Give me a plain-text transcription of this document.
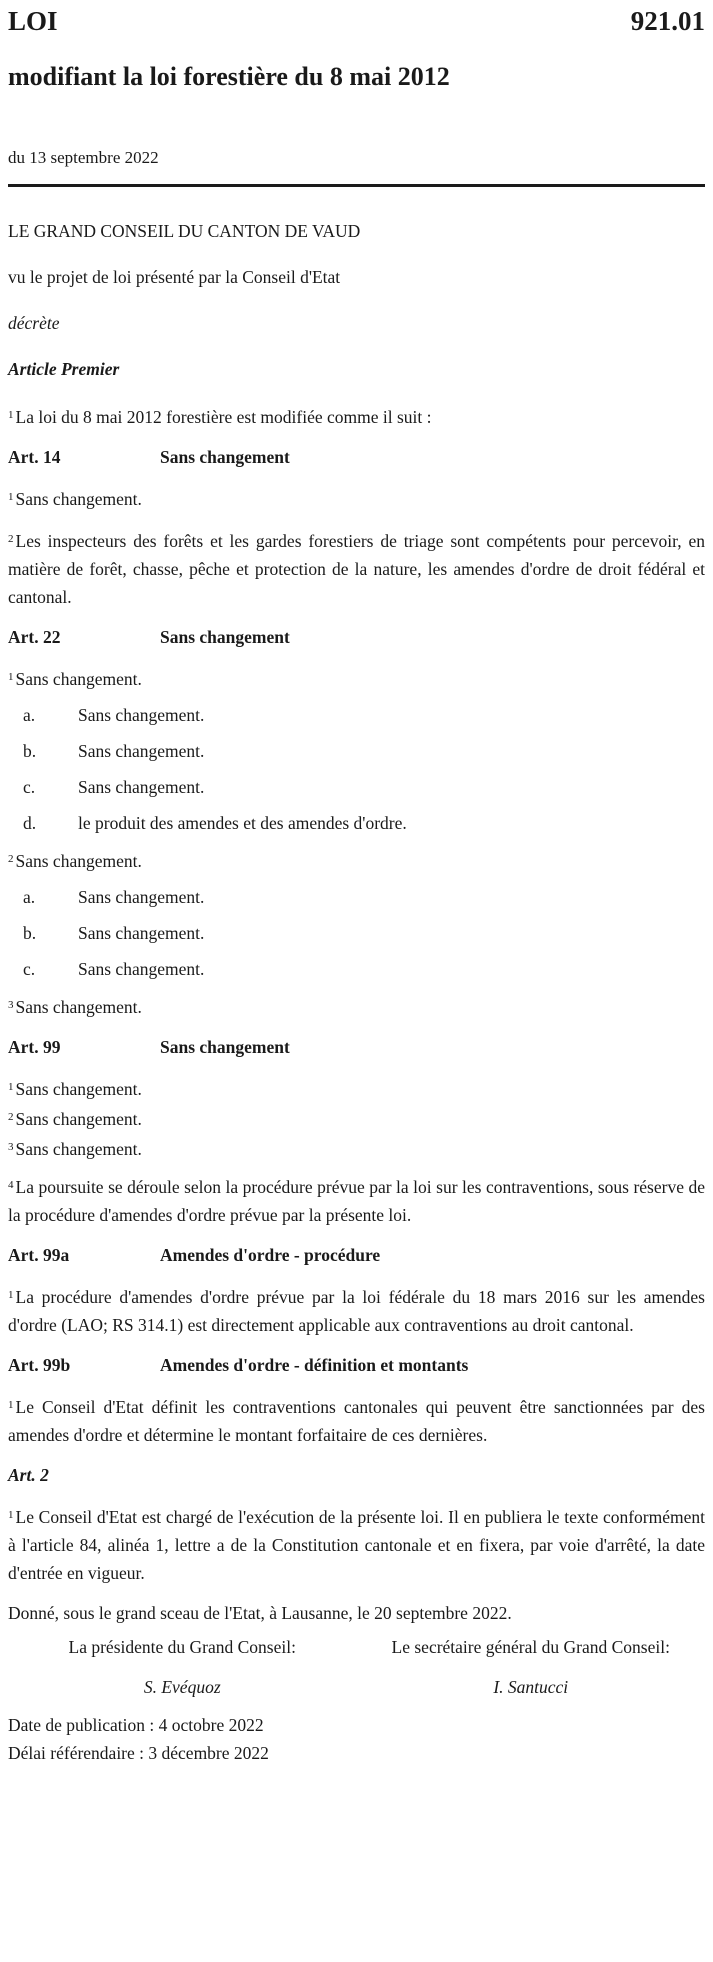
LOI	921.01
modifiant la loi forestière du 8 mai 2012
du 13 septembre 2022

LE GRAND CONSEIL DU CANTON DE VAUD

vu le projet de loi présenté par la Conseil d'Etat

décrète

Article Premier

$^1$ La loi du 8 mai 2012 forestière est modifiée comme il suit :

Art. 14	Sans changement

$^1$ Sans changement.

$^2$ Les inspecteurs des forêts et les gardes forestiers de triage sont compétents pour percevoir, en matière de forêt, chasse, pêche et protection de la nature, les amendes d'ordre de droit fédéral et cantonal.

Art. 22	Sans changement

$^1$ Sans changement.

a.	Sans changement.
b.	Sans changement.
c.	Sans changement.
d.	le produit des amendes et des amendes d'ordre.

$^2$ Sans changement.

a.	Sans changement.
b.	Sans changement.
c.	Sans changement.

$^3$ Sans changement.

Art. 99	Sans changement

$^1$ Sans changement.

$^2$ Sans changement.

$^3$ Sans changement.

$^4$ La poursuite se déroule selon la procédure prévue par la loi sur les contraventions, sous réserve de la procédure d'amendes d'ordre prévue par la présente loi.

Art. 99a	Amendes d'ordre - procédure

$^1$ La procédure d'amendes d'ordre prévue par la loi fédérale du 18 mars 2016 sur les amendes d'ordre (LAO; RS 314.1) est directement applicable aux contraventions au droit cantonal.

Art. 99b	Amendes d'ordre - définition et montants

$^1$ Le Conseil d'Etat définit les contraventions cantonales qui peuvent être sanctionnées par des amendes d'ordre et détermine le montant forfaitaire de ces dernières.

Art. 2

$^1$ Le Conseil d'Etat est chargé de l'exécution de la présente loi. Il en publiera le texte conformément à l'article 84, alinéa 1, lettre a de la Constitution cantonale et en fixera, par voie d'arrêté, la date d'entrée en vigueur.

Donné, sous le grand sceau de l'Etat, à Lausanne, le 20 septembre 2022.

La présidente du Grand Conseil:	Le secrétaire général du Grand Conseil:
S. Evéquoz	I. Santucci

Date de publication : 4 octobre 2022

Délai référendaire : 3 décembre 2022
